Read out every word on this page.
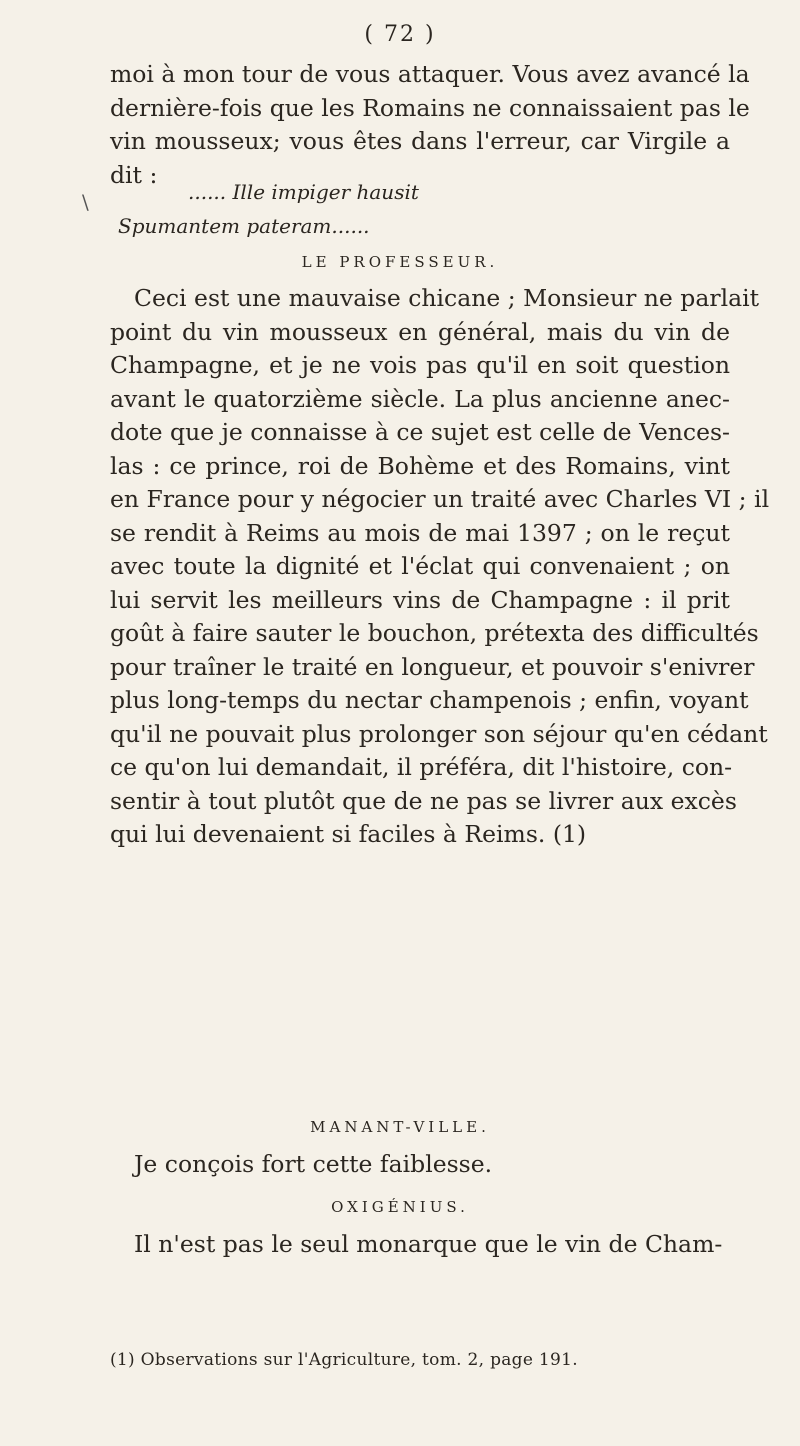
( 72 )
\
moi à mon tour de vous attaquer. Vous avez avancé la
dernière-fois que les Romains ne connaissaient pas le
vin mousseux; vous êtes dans l'erreur, car Virgile a
dit :
...... Ille impiger hausit
Spumantem pateram......
LE PROFESSEUR.
Ceci est une mauvaise chicane ; Monsieur ne parlait
point du vin mousseux en général, mais du vin de
Champagne, et je ne vois pas qu'il en soit question
avant le quatorzième siècle. La plus ancienne anec-
dote que je connaisse à ce sujet est celle de Vences-
las : ce prince, roi de Bohème et des Romains, vint
en France pour y négocier un traité avec Charles VI ; il
se rendit à Reims au mois de mai 1397 ; on le reçut
avec toute la dignité et l'éclat qui convenaient ; on
lui servit les meilleurs vins de Champagne : il prit
goût à faire sauter le bouchon, prétexta des difficultés
pour traîner le traité en longueur, et pouvoir s'enivrer
plus long-temps du nectar champenois ; enfin, voyant
qu'il ne pouvait plus prolonger son séjour qu'en cédant
ce qu'on lui demandait, il préféra, dit l'histoire, con-
sentir à tout plutôt que de ne pas se livrer aux excès
qui lui devenaient si faciles à Reims. (1)
MANANT-VILLE.
Je conçois fort cette faiblesse.
OXIGÉNIUS.
Il n'est pas le seul monarque que le vin de Cham-
(1) Observations sur l'Agriculture, tom. 2, page 191.
